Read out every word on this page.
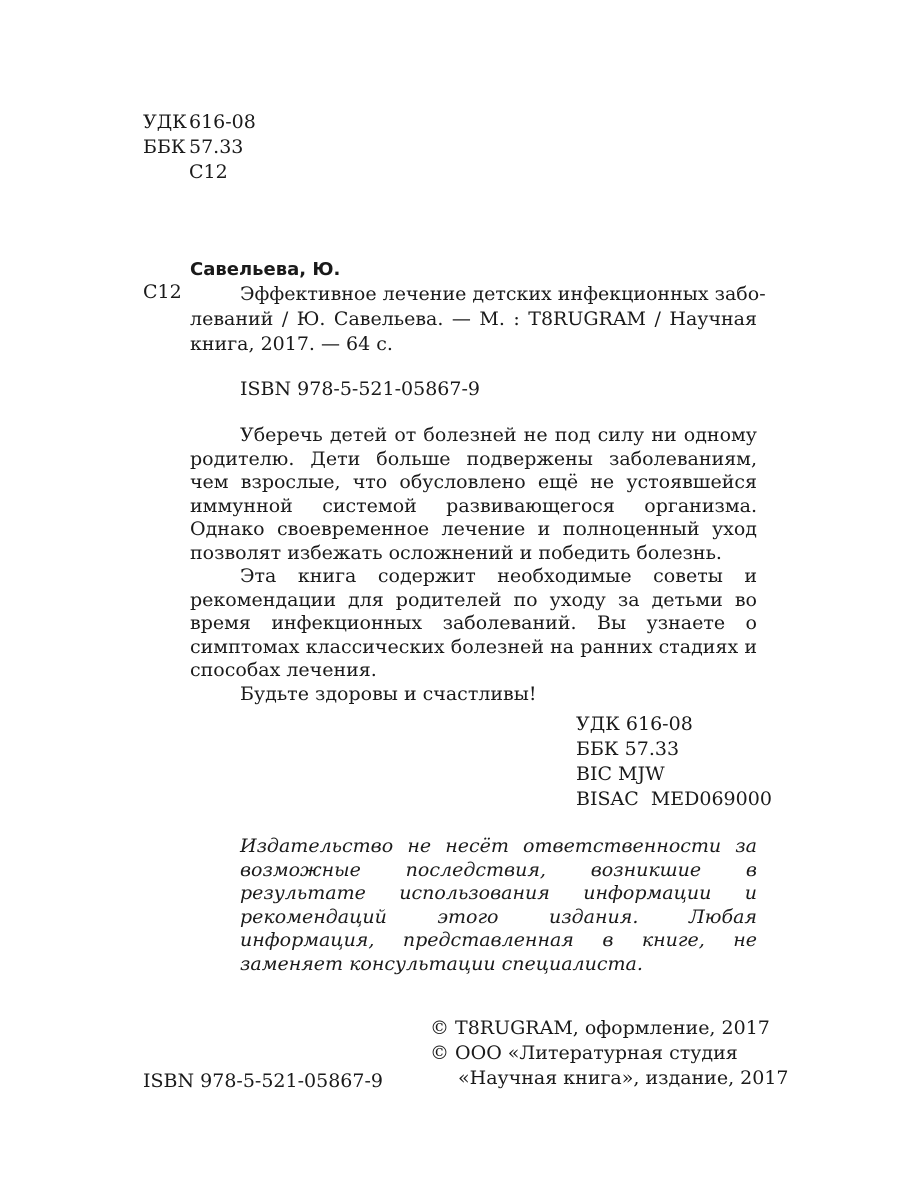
УДК 616-08
ББК 57.33
С12
С12
Савельева, Ю.
Эффективное лечение детских инфекционных забо-
леваний / Ю. Савельева. — М. : T8RUGRAM / Научная
книга, 2017. — 64 с.
ISBN 978-5-521-05867-9

Уберечь детей от болезней не под силу ни одному родителю. Дети больше подвержены заболеваниям, чем взрослые, что обусловлено ещё не устоявшейся иммунной системой развивающегося организма. Однако своевременное лечение и полноценный уход позволят избежать осложнений и победить болезнь.

Эта книга содержит необходимые советы и рекомендации для родителей по уходу за детьми во время инфекционных заболеваний. Вы узнаете о симптомах классических болезней на ранних стадиях и способах лечения.

Будьте здоровы и счастливы!

УДК 616-08
ББК 57.33
BIC MJW
BISAC  MED069000
Издательство не несёт ответственности за возможные последствия, возникшие в результате использования информации и рекомендаций этого издания. Любая информация, представленная в книге, не заменяет консультации специалиста.
© T8RUGRAM, оформление, 2017
© ООО «Литературная студия
«Научная книга», издание, 2017
ISBN 978-5-521-05867-9
